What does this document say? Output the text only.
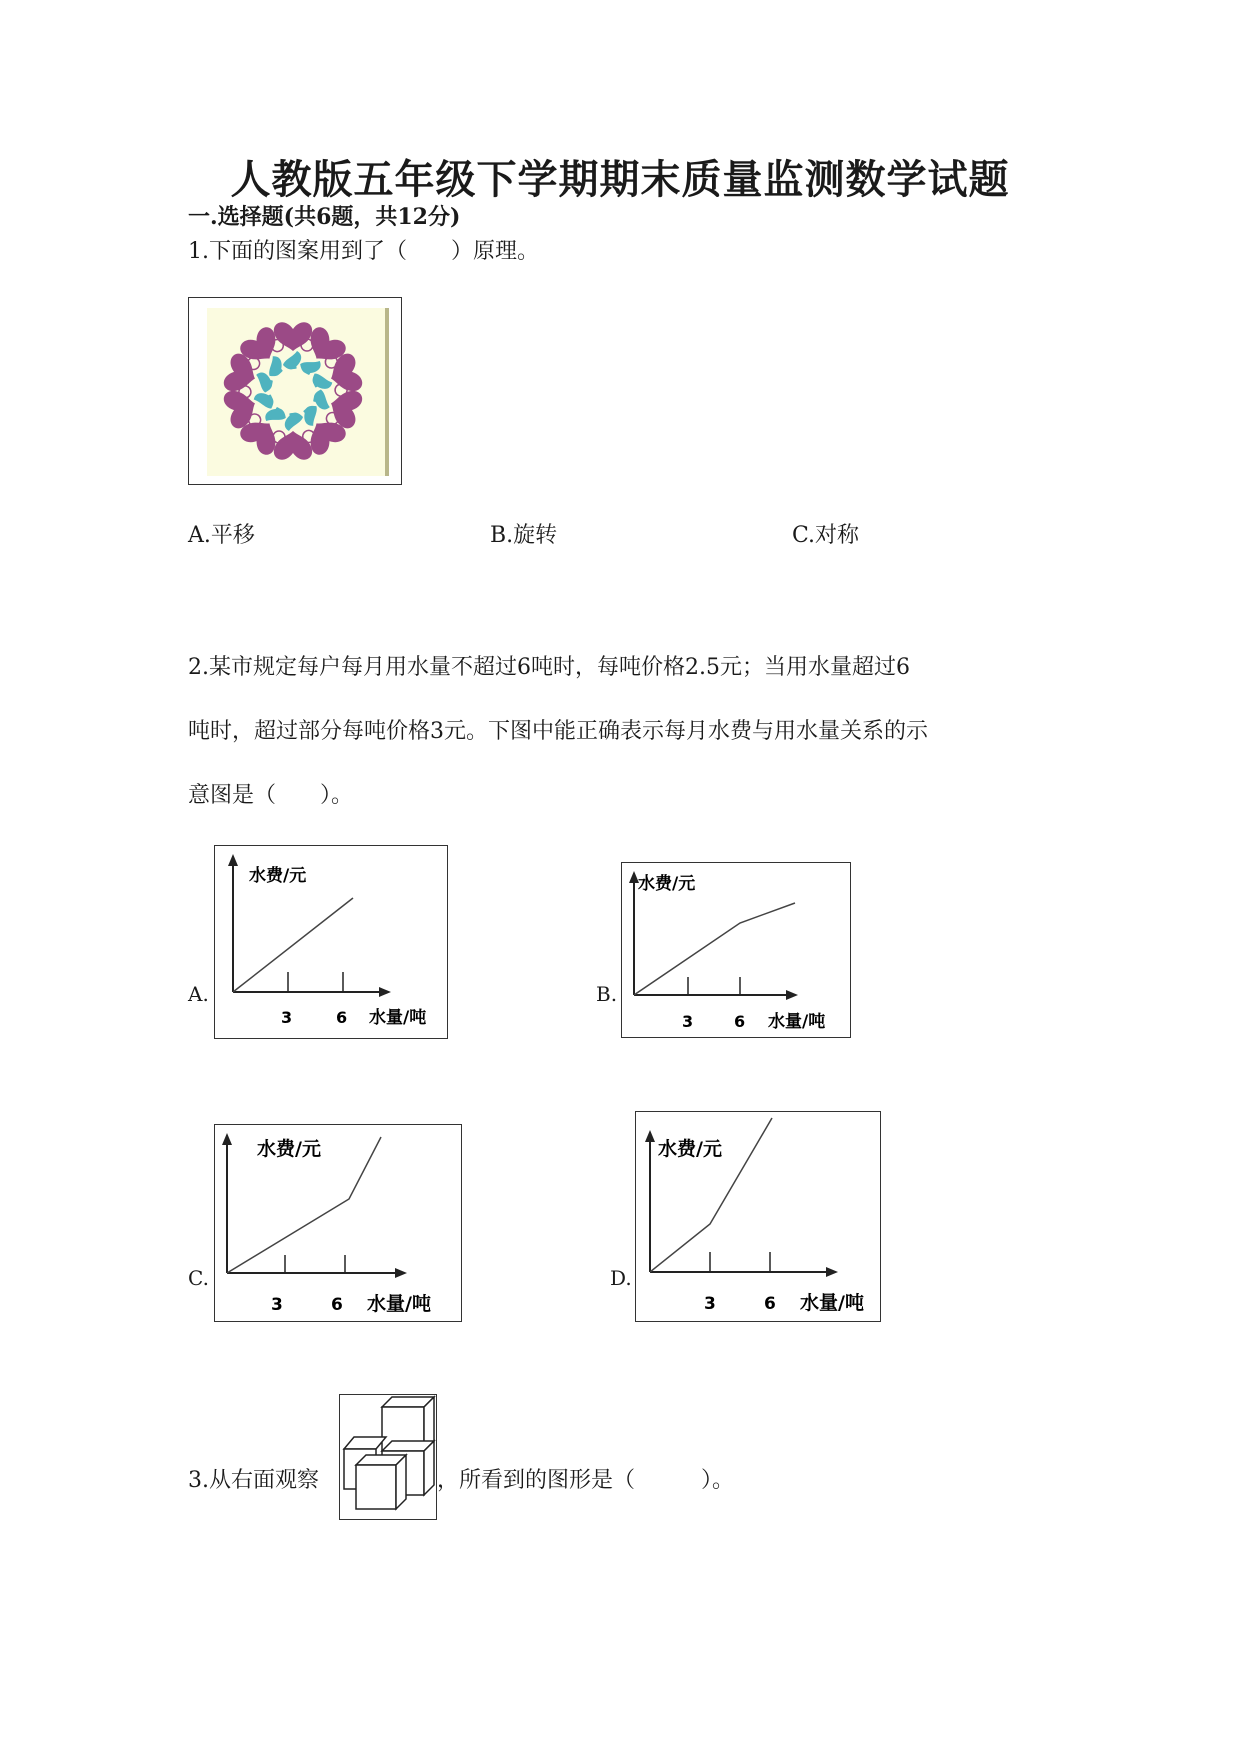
人教版五年级下学期期末质量监测数学试题
一.选择题(共6题，共12分)
1.下面的图案用到了（　　）原理。
A.平移	B.旋转	C.对称
2.某市规定每户每月用水量不超过6吨时，每吨价格2.5元；当用水量超过6
吨时，超过部分每吨价格3元。下图中能正确表示每月水费与用水量关系的示
意图是（　　）。
A.
水费/元
3	6 水量/吨
B.
水费/元
3	6 水量/吨
C.
水费/元
3	6 水量/吨
D.
水费/元
3	6 水量/吨
3.从右面观察	，所看到的图形是（　　　）。
